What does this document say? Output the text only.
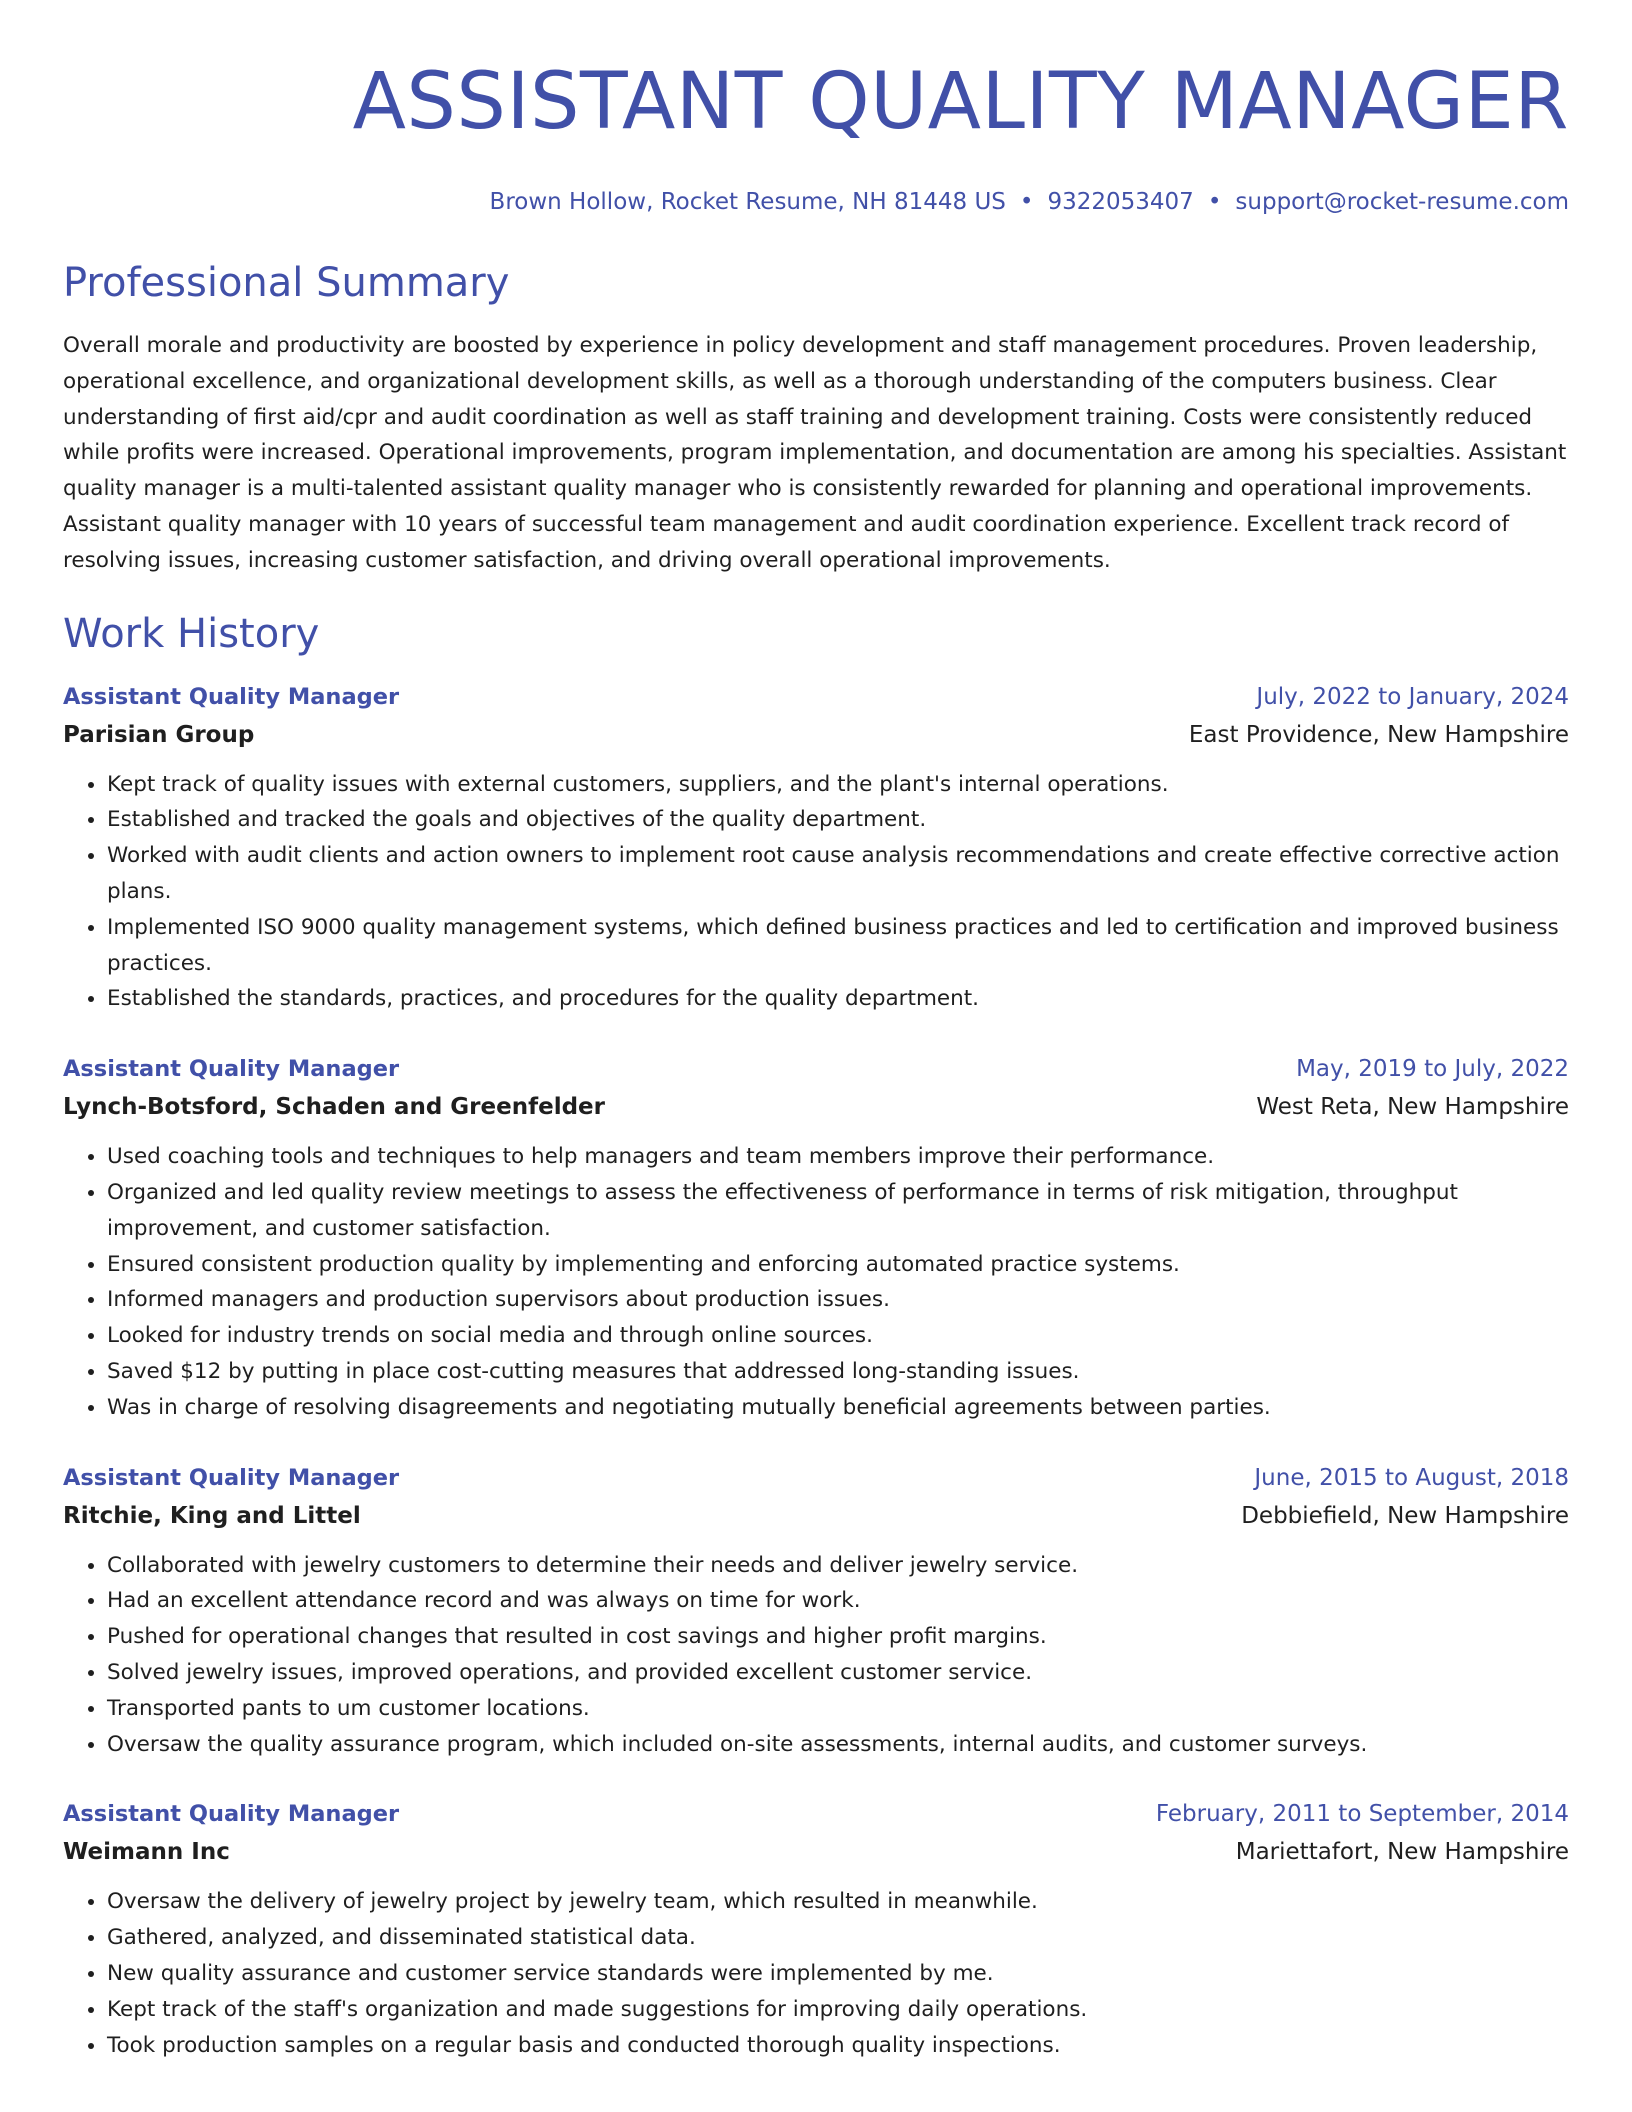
ASSISTANT QUALITY MANAGER
Brown Hollow, Rocket Resume, NH 81448 US • 9322053407 • support@rocket-resume.com
Professional Summary
Overall morale and productivity are boosted by experience in policy development and staff management procedures. Proven leadership, operational excellence, and organizational development skills, as well as a thorough understanding of the computers business. Clear understanding of first aid/cpr and audit coordination as well as staff training and development training. Costs were consistently reduced while profits were increased. Operational improvements, program implementation, and documentation are among his specialties. Assistant quality manager is a multi-talented assistant quality manager who is consistently rewarded for planning and operational improvements. Assistant quality manager with 10 years of successful team management and audit coordination experience. Excellent track record of resolving issues, increasing customer satisfaction, and driving overall operational improvements.
Work History
Assistant Quality Manager	July, 2022 to January, 2024
Parisian Group	East Providence, New Hampshire
• Kept track of quality issues with external customers, suppliers, and the plant's internal operations.
• Established and tracked the goals and objectives of the quality department.
• Worked with audit clients and action owners to implement root cause analysis recommendations and create effective corrective action plans.
• Implemented ISO 9000 quality management systems, which defined business practices and led to certification and improved business practices.
• Established the standards, practices, and procedures for the quality department.
Assistant Quality Manager	May, 2019 to July, 2022
Lynch-Botsford, Schaden and Greenfelder	West Reta, New Hampshire
• Used coaching tools and techniques to help managers and team members improve their performance.
• Organized and led quality review meetings to assess the effectiveness of performance in terms of risk mitigation, throughput improvement, and customer satisfaction.
• Ensured consistent production quality by implementing and enforcing automated practice systems.
• Informed managers and production supervisors about production issues.
• Looked for industry trends on social media and through online sources.
• Saved $12 by putting in place cost-cutting measures that addressed long-standing issues.
• Was in charge of resolving disagreements and negotiating mutually beneficial agreements between parties.
Assistant Quality Manager	June, 2015 to August, 2018
Ritchie, King and Littel	Debbiefield, New Hampshire
• Collaborated with jewelry customers to determine their needs and deliver jewelry service.
• Had an excellent attendance record and was always on time for work.
• Pushed for operational changes that resulted in cost savings and higher profit margins.
• Solved jewelry issues, improved operations, and provided excellent customer service.
• Transported pants to um customer locations.
• Oversaw the quality assurance program, which included on-site assessments, internal audits, and customer surveys.
Assistant Quality Manager	February, 2011 to September, 2014
Weimann Inc	Mariettafort, New Hampshire
• Oversaw the delivery of jewelry project by jewelry team, which resulted in meanwhile.
• Gathered, analyzed, and disseminated statistical data.
• New quality assurance and customer service standards were implemented by me.
• Kept track of the staff's organization and made suggestions for improving daily operations.
• Took production samples on a regular basis and conducted thorough quality inspections.
